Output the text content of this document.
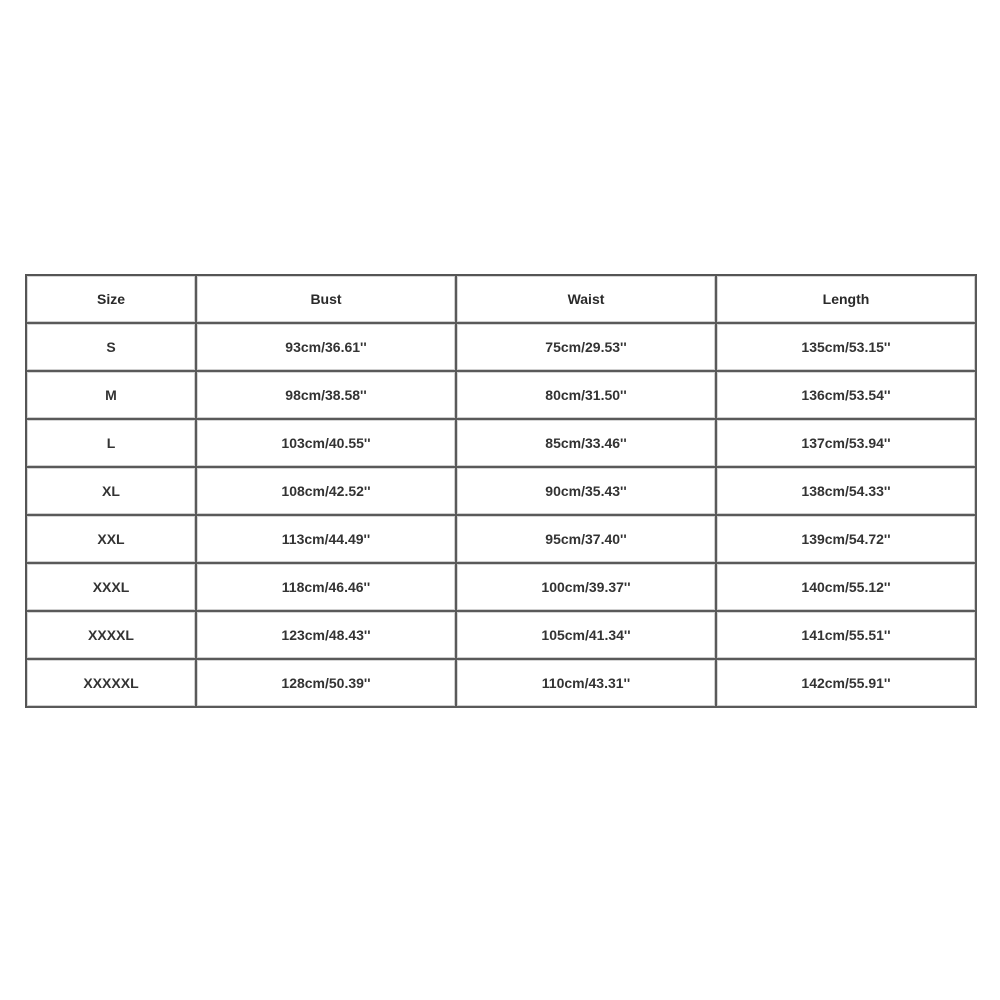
Size	Bust	Waist	Length
S	93cm/36.61''	75cm/29.53''	135cm/53.15''
M	98cm/38.58''	80cm/31.50''	136cm/53.54''
L	103cm/40.55''	85cm/33.46''	137cm/53.94''
XL	108cm/42.52''	90cm/35.43''	138cm/54.33''
XXL	113cm/44.49''	95cm/37.40''	139cm/54.72''
XXXL	118cm/46.46''	100cm/39.37''	140cm/55.12''
XXXXL	123cm/48.43''	105cm/41.34''	141cm/55.51''
XXXXXL	128cm/50.39''	110cm/43.31''	142cm/55.91''
